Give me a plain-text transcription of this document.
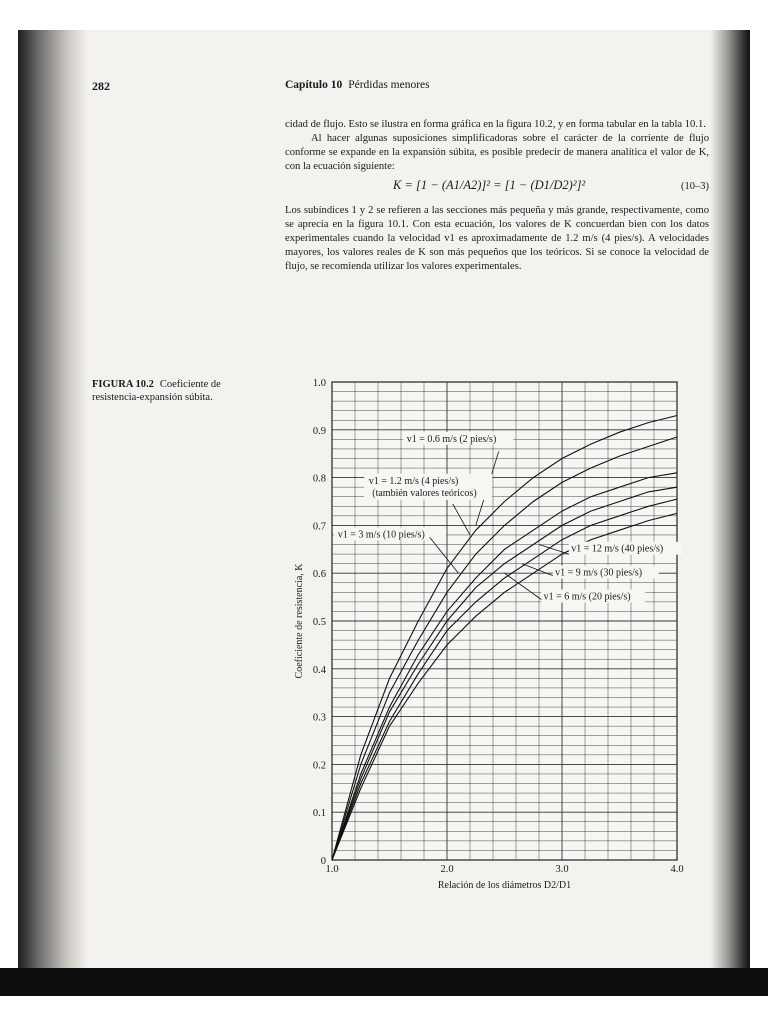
282	Capítulo 10 Pérdidas menores

cidad de flujo. Esto se ilustra en forma gráfica en la figura 10.2, y en forma tabular en la tabla 10.1.

Al hacer algunas suposiciones simplificadoras sobre el carácter de la corriente de flujo conforme se expande en la expansión súbita, es posible predecir de manera analítica el valor de K, con la ecuación siguiente:

K = [1 − (A1/A2)]² = [1 − (D1/D2)²]²	(10–3)

Los subíndices 1 y 2 se refieren a las secciones más pequeña y más grande, respectivamente, como se aprecia en la figura 10.1. Con esta ecuación, los valores de K concuerdan bien con los datos experimentales cuando la velocidad v1 es aproximadamente de 1.2 m/s (4 pies/s). A velocidades mayores, los valores reales de K son más pequeños que los teóricos. Si se conoce la velocidad de flujo, se recomienda utilizar los valores experimentales.

FIGURA 10.2 Coeficiente de resistencia-expansión súbita.
0
0.1
0.2
0.3
0.4
0.5
0.6
0.7
0.8
0.9
1.0
1.0	2.0	3.0	4.0
Relación de los diámetros D2/D1
Coeficiente de resistencia, K
v1 = 0.6 m/s (2 pies/s)
v1 = 1.2 m/s (4 pies/s)
(también valores teóricos)
v1 = 3 m/s (10 pies/s)
v1 = 12 m/s (40 pies/s)
v1 = 9 m/s (30 pies/s)
v1 = 6 m/s (20 pies/s)
